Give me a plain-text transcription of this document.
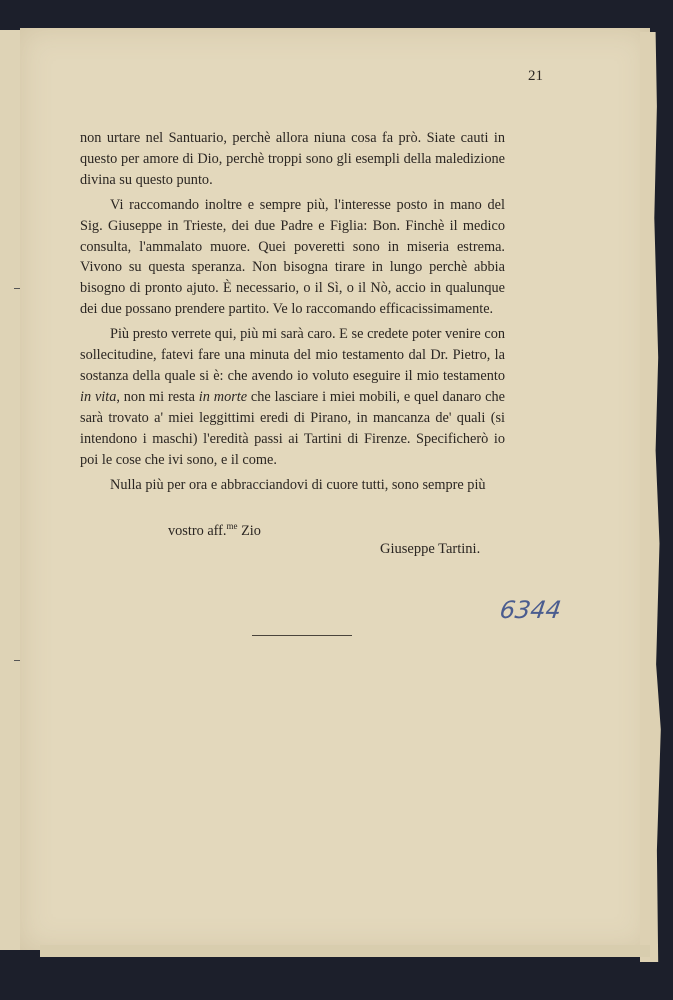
21

non urtare nel Santuario, perchè allora niuna cosa fa prò. Siate cauti in questo per amore di Dio, perchè troppi sono gli esempli della maledizione divina su questo punto.

Vi raccomando inoltre e sempre più, l'interesse posto in mano del Sig. Giuseppe in Trieste, dei due Padre e Figlia: Bon. Finchè il medico consulta, l'ammalato muore. Quei poveretti sono in miseria estrema. Vivono su questa speranza. Non bisogna tirare in lungo perchè abbia bisogno di pronto ajuto. È necessario, o il Sì, o il Nò, accio in qualunque dei due possano prendere partito. Ve lo raccomando efficacissimamente.

Più presto verrete qui, più mi sarà caro. E se credete poter venire con sollecitudine, fatevi fare una minuta del mio testamento dal Dr. Pietro, la sostanza della quale si è: che avendo io voluto eseguire il mio testamento in vita, non mi resta in morte che lasciare i miei mobili, e quel danaro che sarà trovato a' miei leggittimi eredi di Pirano, in mancanza de' quali (si intendono i maschi) l'eredità passi ai Tartini di Firenze. Specificherò io poi le cose che ivi sono, e il come.

Nulla più per ora e abbracciandovi di cuore tutti, sono sempre più

vostro aff.$^{me}$ Zio
Giuseppe Tartini.
6344
